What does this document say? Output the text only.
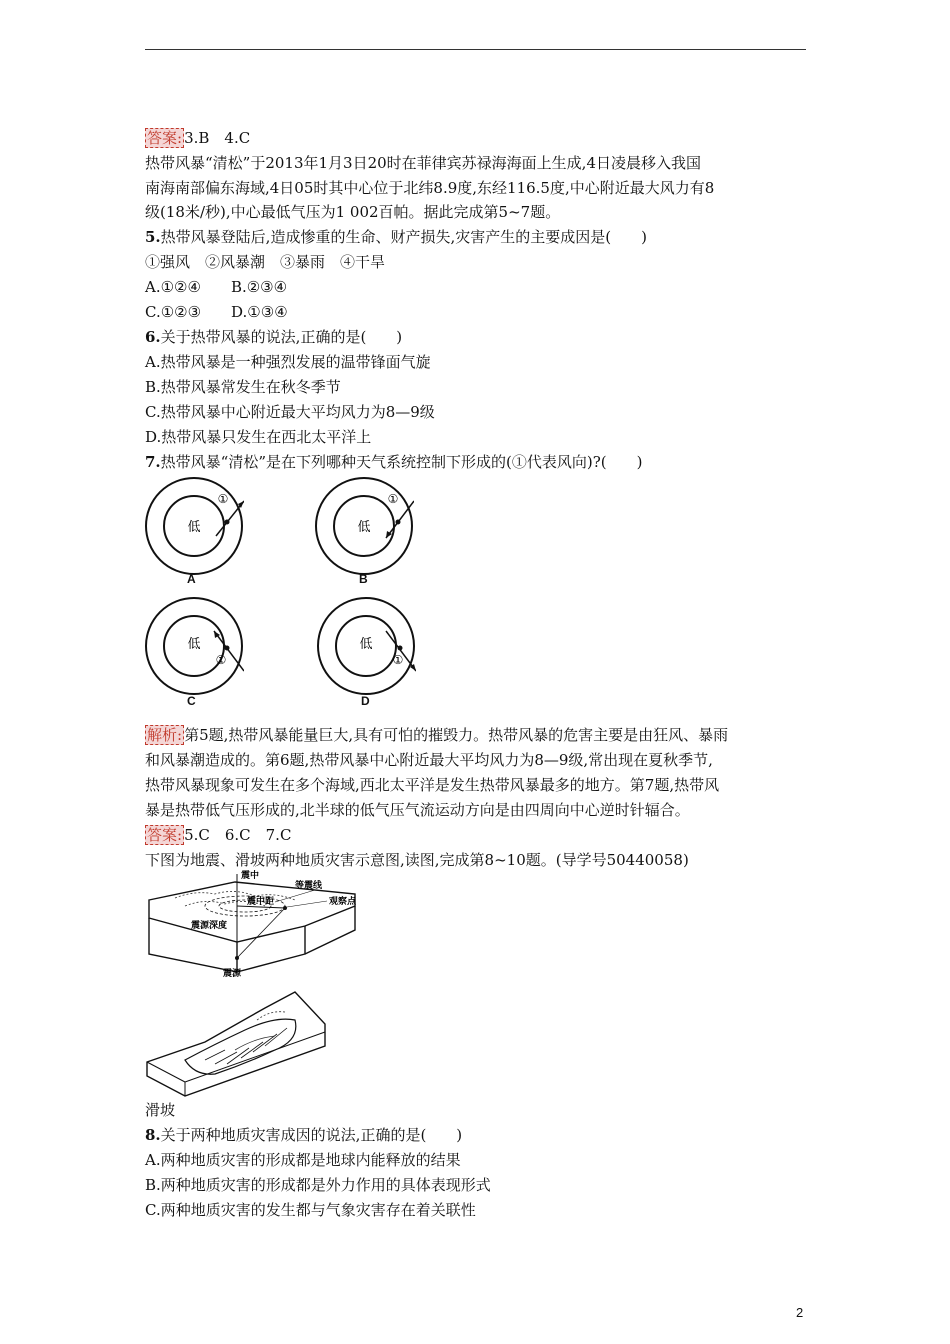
答案: 3.B　4.C
热带风暴“清松”于2013年1月3日20时在菲律宾苏禄海海面上生成,4日凌晨移入我国
南海南部偏东海域,4日05时其中心位于北纬8.9度,东经116.5度,中心附近最大风力有8
级(18米/秒),中心最低气压为1 002百帕。据此完成第5~7题。
5.热带风暴登陆后,造成惨重的生命、财产损失,灾害产生的主要成因是(　　)
①强风　②风暴潮　③暴雨　④干旱
A.①②④　　B.②③④
C.①②③　　D.①③④
6.关于热带风暴的说法,正确的是(　　)
A.热带风暴是一种强烈发展的温带锋面气旋
B.热带风暴常发生在秋冬季节
C.热带风暴中心附近最大平均风力为8—9级
D.热带风暴只发生在西北太平洋上
7.热带风暴“清松”是在下列哪种天气系统控制下形成的(①代表风向)?(　　)
低
①
A
低
①
B
低
①
C
低
①
D
解析: 第5题,热带风暴能量巨大,具有可怕的摧毁力。热带风暴的危害主要是由狂风、暴雨
和风暴潮造成的。第6题,热带风暴中心附近最大平均风力为8—9级,常出现在夏秋季节,
热带风暴现象可发生在多个海域,西北太平洋是发生热带风暴最多的地方。第7题,热带风
暴是热带低气压形成的,北半球的低气压气流运动方向是由四周向中心逆时针辐合。
答案: 5.C　6.C　7.C
下图为地震、滑坡两种地质灾害示意图,读图,完成第8~10题。(导学号50440058)
震中
等震线
震中距	观察点
震源深度
震源
滑坡
8.关于两种地质灾害成因的说法,正确的是(　　)
A.两种地质灾害的形成都是地球内能释放的结果
B.两种地质灾害的形成都是外力作用的具体表现形式
C.两种地质灾害的发生都与气象灾害存在着关联性
2
